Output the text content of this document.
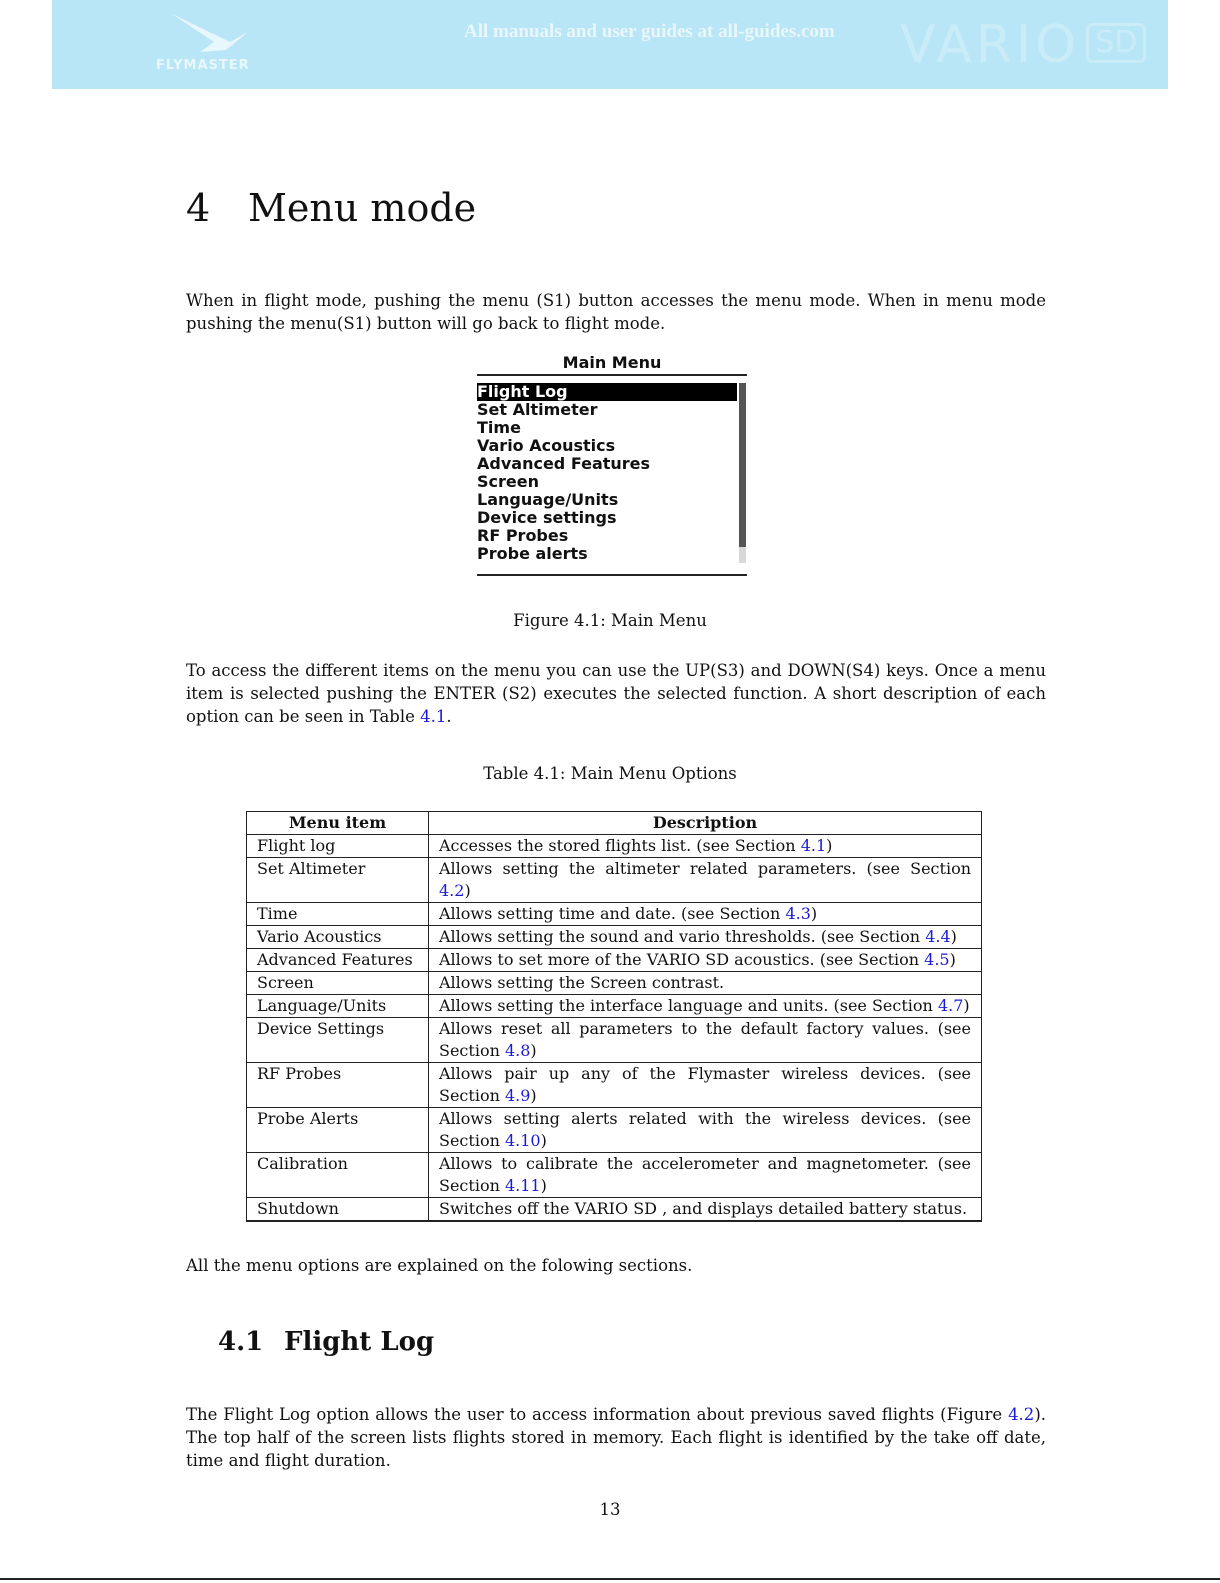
FLYMASTER
All manuals and user guides at all-guides.com VARIO SD
4 Menu mode

When in flight mode, pushing the menu (S1) button accesses the menu mode. When in menu mode pushing the menu(S1) button will go back to flight mode.

Main Menu
Flight Log
Set Altimeter
Time
Vario Acoustics
Advanced Features
Screen
Language/Units
Device settings
RF Probes
Probe alerts
Figure 4.1: Main Menu

To access the different items on the menu you can use the UP(S3) and DOWN(S4) keys. Once a menu item is selected pushing the ENTER (S2) executes the selected function. A short description of each option can be seen in Table 4.1.

Table 4.1: Main Menu Options
Menu item	Description
Flight log	Accesses the stored flights list. (see Section 4.1)
Set Altimeter	Allows setting the altimeter related parameters. (see Section 4.2)
Time	Allows setting time and date. (see Section 4.3)
Vario Acoustics	Allows setting the sound and vario thresholds. (see Section 4.4)
Advanced Features	Allows to set more of the VARIO SD acoustics. (see Section 4.5)
Screen	Allows setting the Screen contrast.
Language/Units	Allows setting the interface language and units. (see Section 4.7)
Device Settings	Allows reset all parameters to the default factory values. (see Section 4.8)
RF Probes	Allows pair up any of the Flymaster wireless devices. (see Section 4.9)
Probe Alerts	Allows setting alerts related with the wireless devices. (see Section 4.10)
Calibration	Allows to calibrate the accelerometer and magnetometer. (see Section 4.11)
Shutdown	Switches off the VARIO SD , and displays detailed battery status.

All the menu options are explained on the folowing sections.

4.1 Flight Log

The Flight Log option allows the user to access information about previous saved flights (Figure 4.2). The top half of the screen lists flights stored in memory. Each flight is identified by the take off date, time and flight duration.

13
